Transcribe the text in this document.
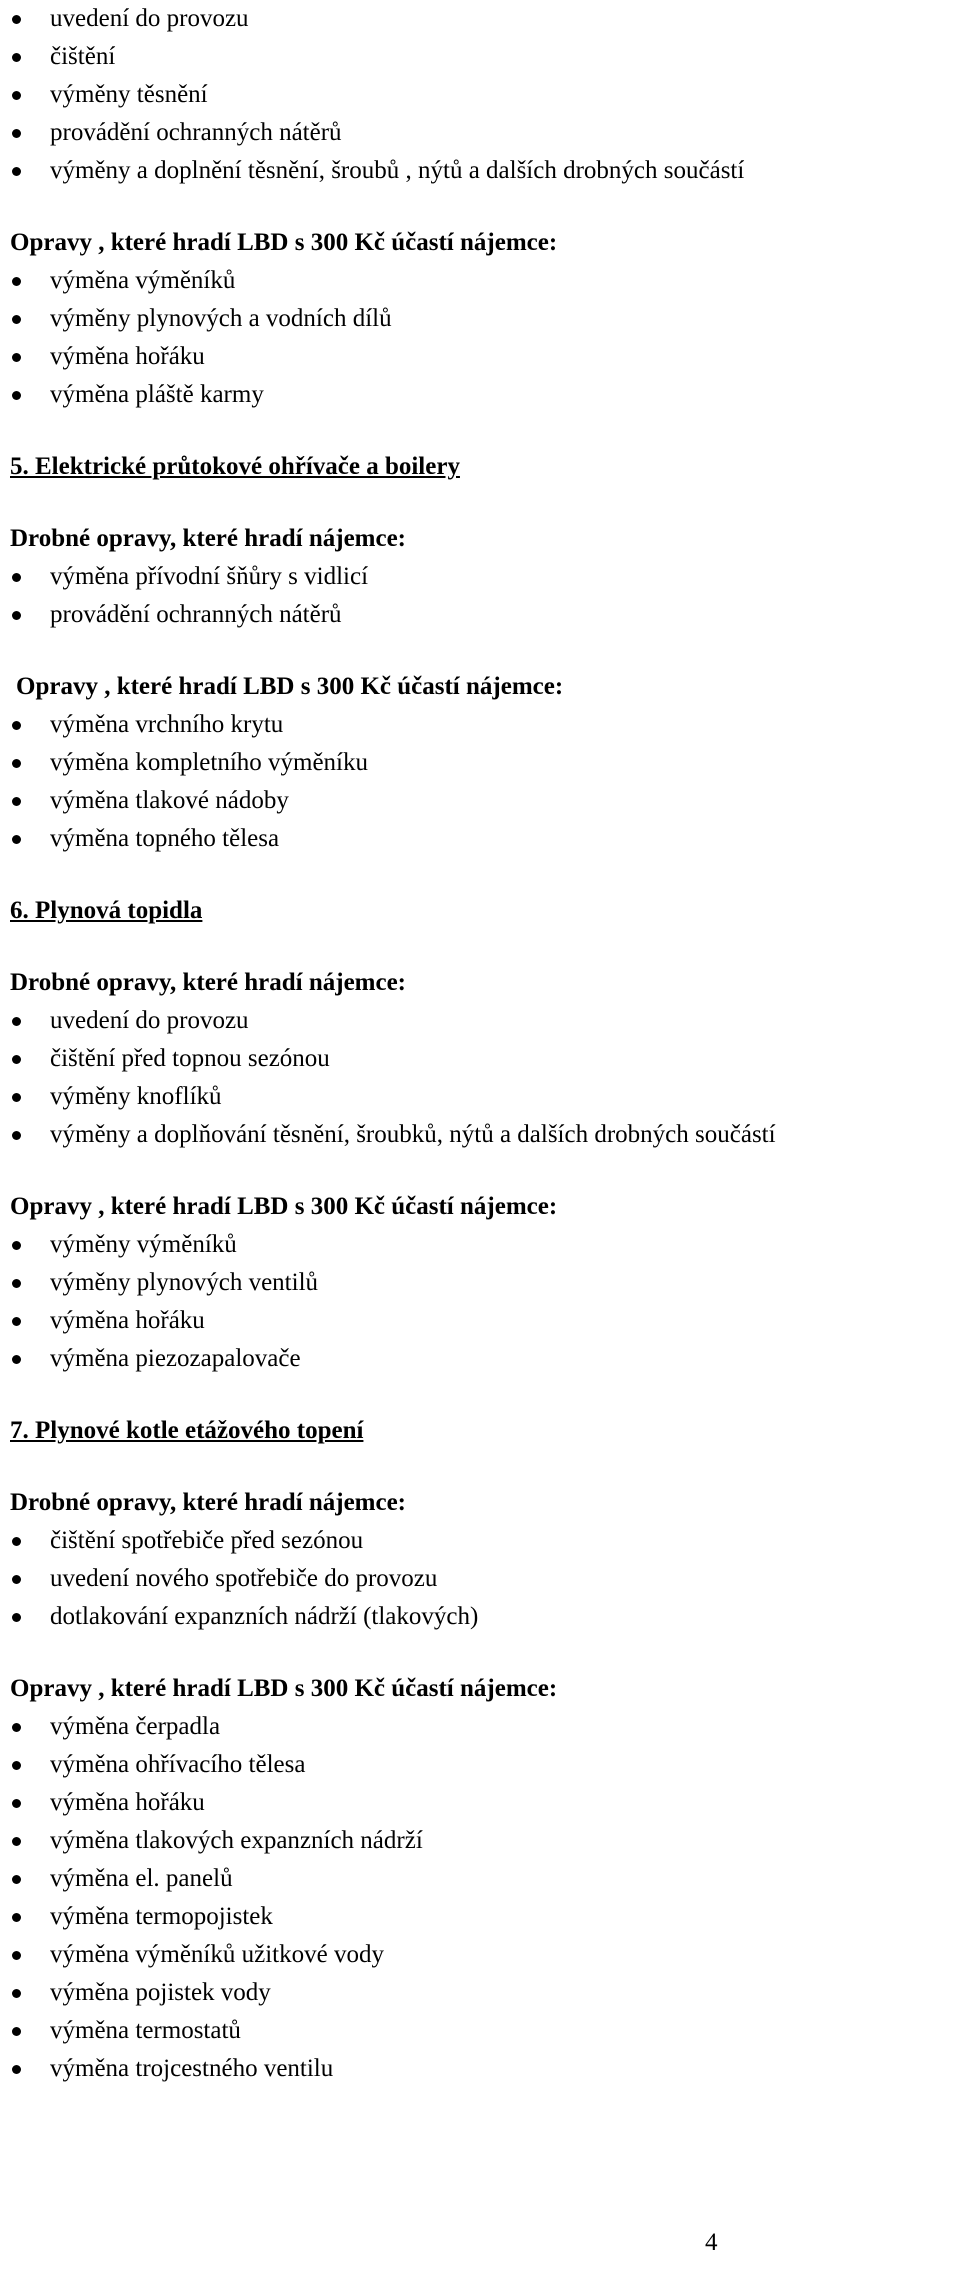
uvedení do provozu
čištění
výměny těsnění
provádění ochranných nátěrů
výměny a doplnění těsnění, šroubů , nýtů a dalších drobných součástí

Opravy , které hradí LBD s 300 Kč účastí nájemce:

výměna výměníků
výměny plynových a vodních dílů
výměna hořáku
výměna pláště karmy

5. Elektrické průtokové ohřívače a boilery

Drobné opravy, které hradí nájemce:

výměna přívodní šňůry s vidlicí
provádění ochranných nátěrů

Opravy , které hradí LBD s 300 Kč účastí nájemce:

výměna vrchního krytu
výměna kompletního výměníku
výměna tlakové nádoby
výměna topného tělesa

6. Plynová topidla

Drobné opravy, které hradí nájemce:

uvedení do provozu
čištění před topnou sezónou
výměny knoflíků
výměny a doplňování těsnění, šroubků, nýtů a dalších drobných součástí

Opravy , které hradí LBD s 300 Kč účastí nájemce:

výměny výměníků
výměny plynových ventilů
výměna hořáku
výměna piezozapalovače

7. Plynové kotle etážového topení

Drobné opravy, které hradí nájemce:

čištění spotřebiče před sezónou
uvedení nového spotřebiče do provozu
dotlakování expanzních nádrží (tlakových)

Opravy , které hradí LBD s 300 Kč účastí nájemce:

výměna čerpadla
výměna ohřívacího tělesa
výměna hořáku
výměna tlakových expanzních nádrží
výměna el. panelů
výměna termopojistek
výměna výměníků užitkové vody
výměna pojistek vody
výměna termostatů
výměna trojcestného ventilu
4
